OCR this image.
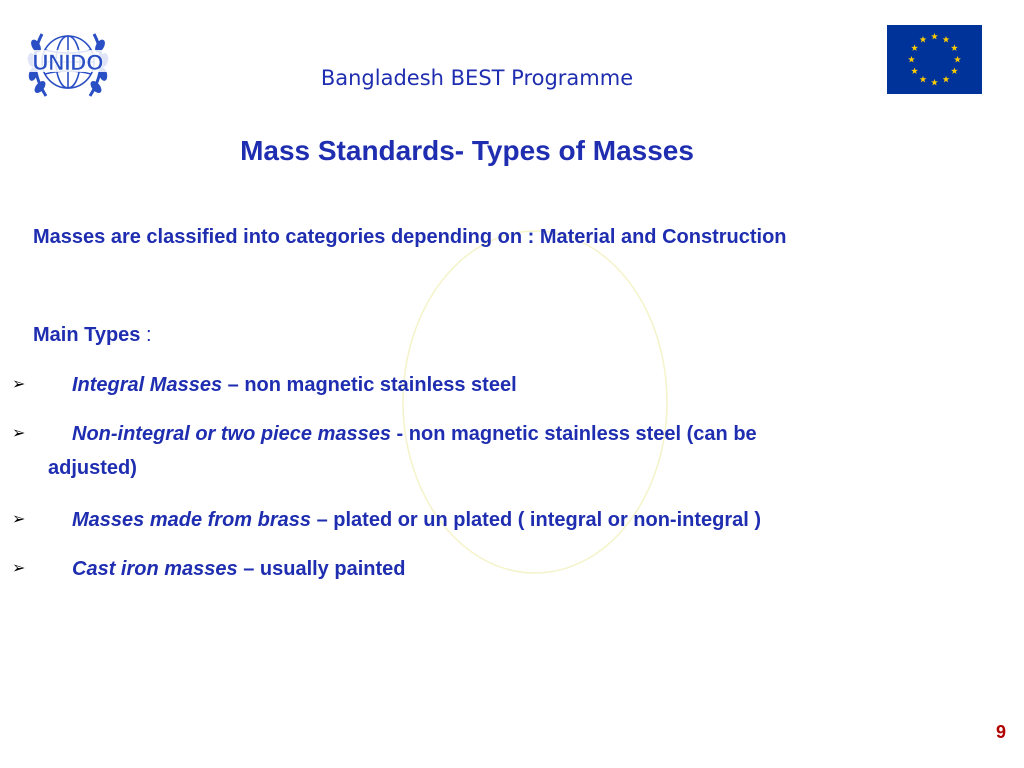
UNIDO
Bangladesh BEST Programme
Mass Standards- Types of Masses
Masses are classified into categories depending on : Material and Construction
Main Types :
➢	Integral Masses – non magnetic stainless steel
➢	Non-integral or two piece masses - non magnetic stainless steel (can be
adjusted)
➢	Masses made from brass – plated or un plated ( integral or non-integral )
➢	Cast iron masses – usually painted
9
